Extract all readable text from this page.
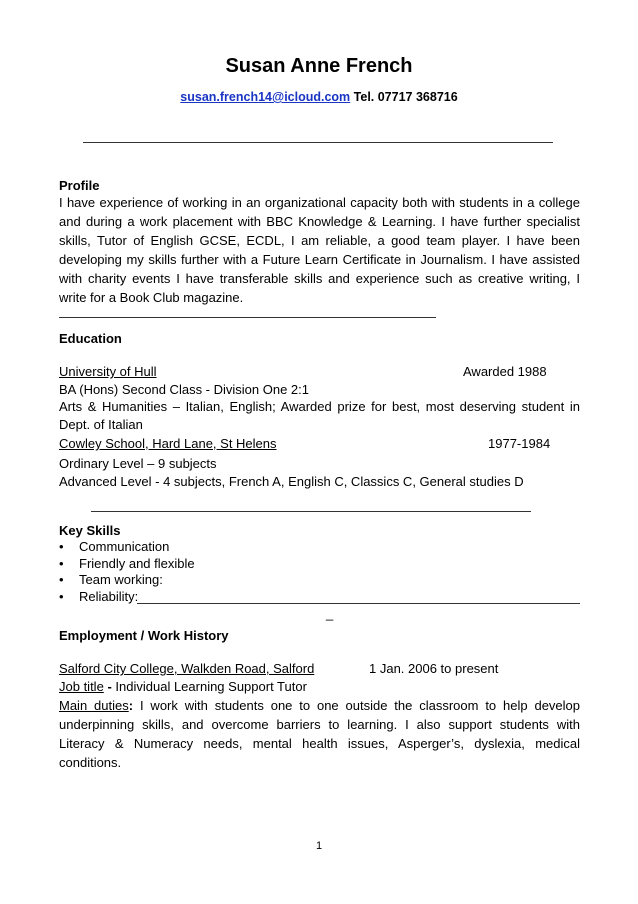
Susan Anne French
susan.french14@icloud.com Tel. 07717 368716
Profile
I have experience of working in an organizational capacity both with students in a college and during a work placement with BBC Knowledge & Learning. I have further specialist skills, Tutor of English GCSE, ECDL, I am reliable, a good team player. I have been developing my skills further with a Future Learn Certificate in Journalism. I have assisted with charity events I have transferable skills and experience such as creative writing, I write for a Book Club magazine.
Education
University of Hull	Awarded 1988
BA (Hons) Second Class - Division One 2:1
Arts & Humanities – Italian, English; Awarded prize for best, most deserving student in Dept. of Italian
Cowley School, Hard Lane, St Helens	1977-1984
Ordinary Level – 9 subjects
Advanced Level - 4 subjects, French A, English C, Classics C, General studies D
Key Skills
• Communication
• Friendly and flexible
• Team working:
• Reliability:
_
Employment / Work History
Salford City College, Walkden Road, Salford	1 Jan. 2006 to present
Job title - Individual Learning Support Tutor
Main duties: I work with students one to one outside the classroom to help develop underpinning skills, and overcome barriers to learning. I also support students with Literacy & Numeracy needs, mental health issues, Asperger’s, dyslexia, medical conditions.
1
